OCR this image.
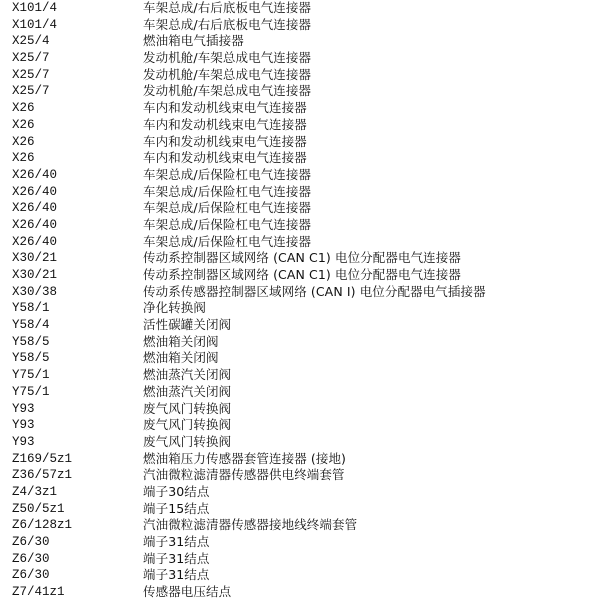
X101/4	车架总成/右后底板电气连接器
X101/4	车架总成/右后底板电气连接器
X25/4	燃油箱电气插接器
X25/7	发动机舱/车架总成电气连接器
X25/7	发动机舱/车架总成电气连接器
X25/7	发动机舱/车架总成电气连接器
X26	车内和发动机线束电气连接器
X26	车内和发动机线束电气连接器
X26	车内和发动机线束电气连接器
X26	车内和发动机线束电气连接器
X26/40	车架总成/后保险杠电气连接器
X26/40	车架总成/后保险杠电气连接器
X26/40	车架总成/后保险杠电气连接器
X26/40	车架总成/后保险杠电气连接器
X26/40	车架总成/后保险杠电气连接器
X30/21	传动系控制器区域网络 (CAN C1) 电位分配器电气连接器
X30/21	传动系控制器区域网络 (CAN C1) 电位分配器电气连接器
X30/38	传动系传感器控制器区域网络 (CAN I) 电位分配器电气插接器
Y58/1	净化转换阀
Y58/4	活性碳罐关闭阀
Y58/5	燃油箱关闭阀
Y58/5	燃油箱关闭阀
Y75/1	燃油蒸汽关闭阀
Y75/1	燃油蒸汽关闭阀
Y93	废气风门转换阀
Y93	废气风门转换阀
Y93	废气风门转换阀
Z169/5z1	燃油箱压力传感器套管连接器 (接地)
Z36/57z1	汽油微粒滤清器传感器供电终端套管
Z4/3z1	端子30结点
Z50/5z1	端子15结点
Z6/128z1	汽油微粒滤清器传感器接地线终端套管
Z6/30	端子31结点
Z6/30	端子31结点
Z6/30	端子31结点
Z7/41z1	传感器电压结点
